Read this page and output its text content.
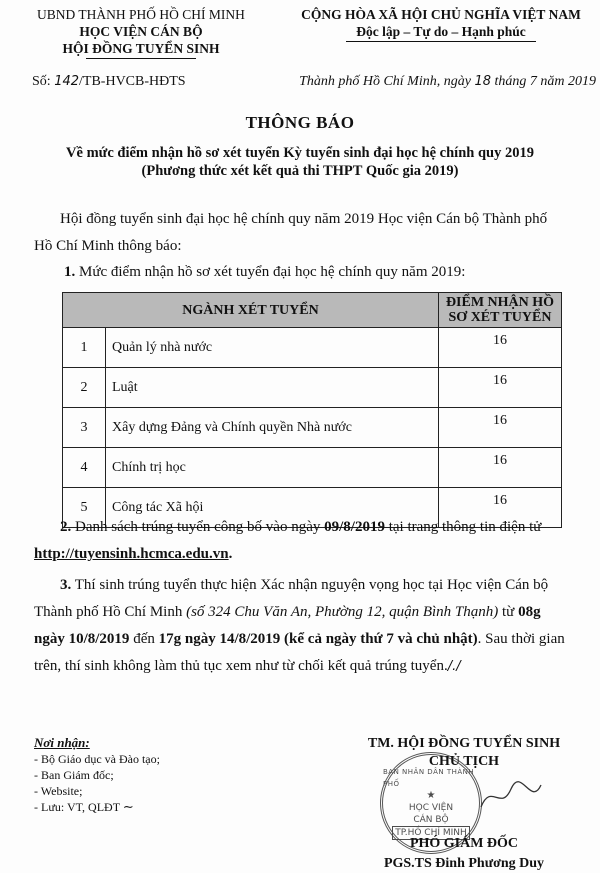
UBND THÀNH PHỐ HỒ CHÍ MINH
HỌC VIỆN CÁN BỘ
HỘI ĐỒNG TUYỂN SINH
CỘNG HÒA XÃ HỘI CHỦ NGHĨA VIỆT NAM
Độc lập – Tự do – Hạnh phúc
Số: 142/TB-HVCB-HĐTS	Thành phố Hồ Chí Minh, ngày 18 tháng 7 năm 2019
THÔNG BÁO
Về mức điểm nhận hồ sơ xét tuyển Kỳ tuyển sinh đại học hệ chính quy 2019
(Phương thức xét kết quả thi THPT Quốc gia 2019)
Hội đồng tuyển sinh đại học hệ chính quy năm 2019 Học viện Cán bộ Thành phố Hồ Chí Minh thông báo:
1. Mức điểm nhận hồ sơ xét tuyển đại học hệ chính quy năm 2019:
NGÀNH XÉT TUYỂN		ĐIỂM NHẬN HỒ SƠ XÉT TUYỂN
1	Quản lý nhà nước	16
2	Luật	16
3	Xây dựng Đảng và Chính quyền Nhà nước	16
4	Chính trị học	16
5	Công tác Xã hội	16
2. Danh sách trúng tuyển công bố vào ngày 09/8/2019 tại trang thông tin điện tử http://tuyensinh.hcmca.edu.vn.
3. Thí sinh trúng tuyển thực hiện Xác nhận nguyện vọng học tại Học viện Cán bộ Thành phố Hồ Chí Minh (số 324 Chu Văn An, Phường 12, quận Bình Thạnh) từ 08g ngày 10/8/2019 đến 17g ngày 14/8/2019 (kể cả ngày thứ 7 và chủ nhật). Sau thời gian trên, thí sinh không làm thủ tục xem như từ chối kết quả trúng tuyển././
Nơi nhận:
- Bộ Giáo dục và Đào tạo;
- Ban Giám đốc;
- Website;
- Lưu: VT, QLĐT ∼
BAN NHÂN DÂN THÀNH PHỐ
★
HỌC VIỆN
CÁN BỘ
TP.HỒ CHÍ MINH
TM. HỘI ĐỒNG TUYỂN SINH
CHỦ TỊCH
PHÓ GIÁM ĐỐC
PGS.TS Đinh Phương Duy
